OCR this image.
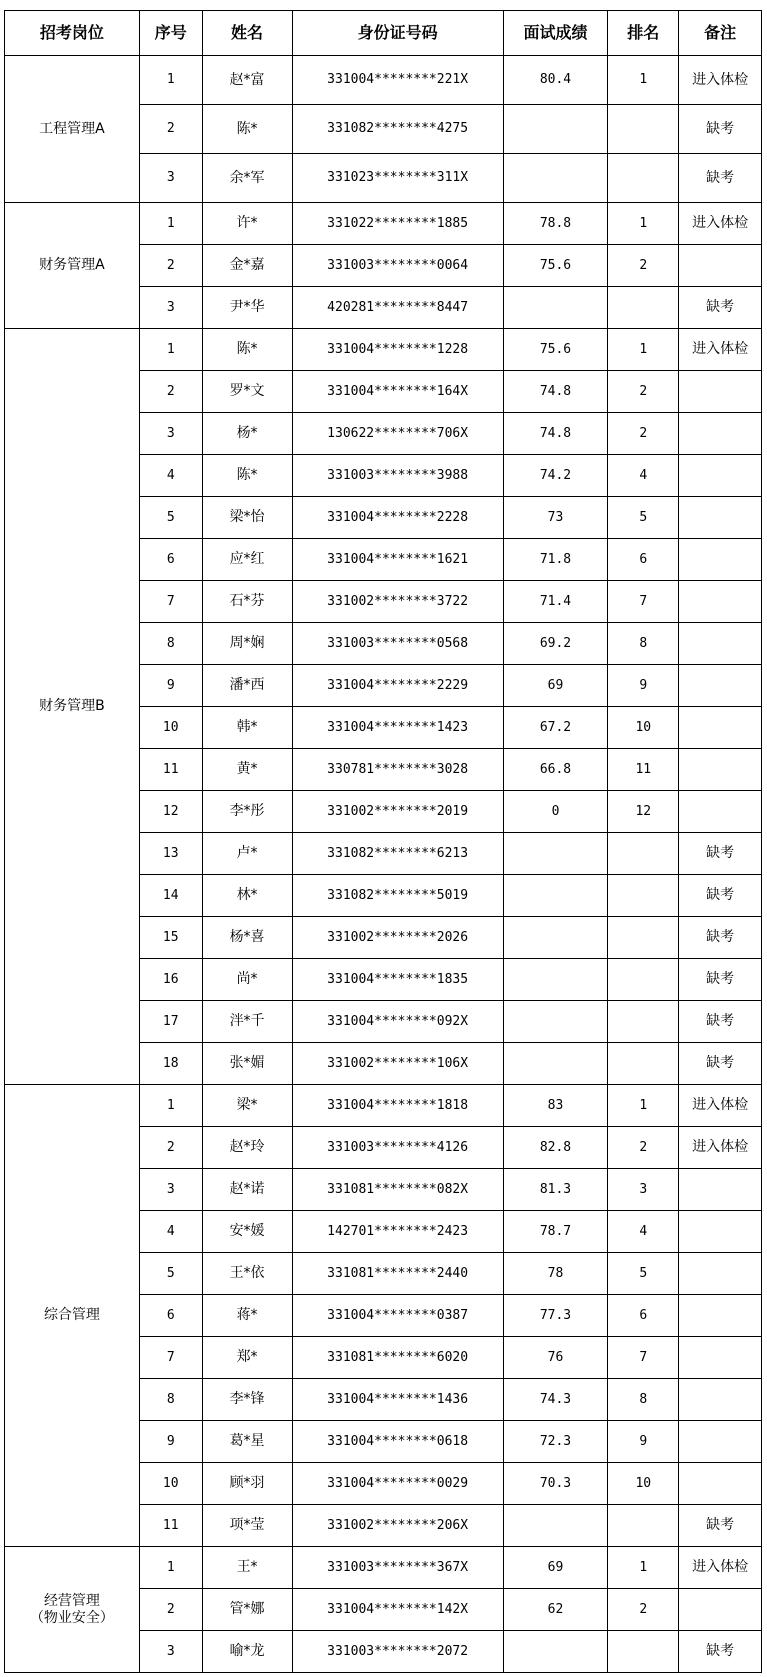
招考岗位	序号	姓名	身份证号码	面试成绩	排名	备注
工程管理A	1	赵*富	331004********221X	80.4	1	进入体检
	2	陈*	331082********4275			缺考
	3	余*军	331023********311X			缺考
财务管理A	1	许*	331022********1885	78.8	1	进入体检
	2	金*嘉	331003********0064	75.6	2	
	3	尹*华	420281********8447			缺考
财务管理B	1	陈*	331004********1228	75.6	1	进入体检
	2	罗*文	331004********164X	74.8	2	
	3	杨*	130622********706X	74.8	2	
	4	陈*	331003********3988	74.2	4	
	5	梁*怡	331004********2228	73	5	
	6	应*红	331004********1621	71.8	6	
	7	石*芬	331002********3722	71.4	7	
	8	周*娴	331003********0568	69.2	8	
	9	潘*西	331004********2229	69	9	
	10	韩*	331004********1423	67.2	10	
	11	黄*	330781********3028	66.8	11	
	12	李*彤	331002********2019	0	12	
	13	卢*	331082********6213			缺考
	14	林*	331082********5019			缺考
	15	杨*喜	331002********2026			缺考
	16	尚*	331004********1835			缺考
	17	泮*千	331004********092X			缺考
	18	张*媚	331002********106X			缺考
综合管理	1	梁*	331004********1818	83	1	进入体检
	2	赵*玲	331003********4126	82.8	2	进入体检
	3	赵*诺	331081********082X	81.3	3	
	4	安*媛	142701********2423	78.7	4	
	5	王*依	331081********2440	78	5	
	6	蒋*	331004********0387	77.3	6	
	7	郑*	331081********6020	76	7	
	8	李*锋	331004********1436	74.3	8	
	9	葛*星	331004********0618	72.3	9	
	10	顾*羽	331004********0029	70.3	10	
	11	项*莹	331002********206X			缺考
经营管理
（物业安全）	1	王*	331003********367X	69	1	进入体检
	2	管*娜	331004********142X	62	2	
	3	喻*龙	331003********2072			缺考
